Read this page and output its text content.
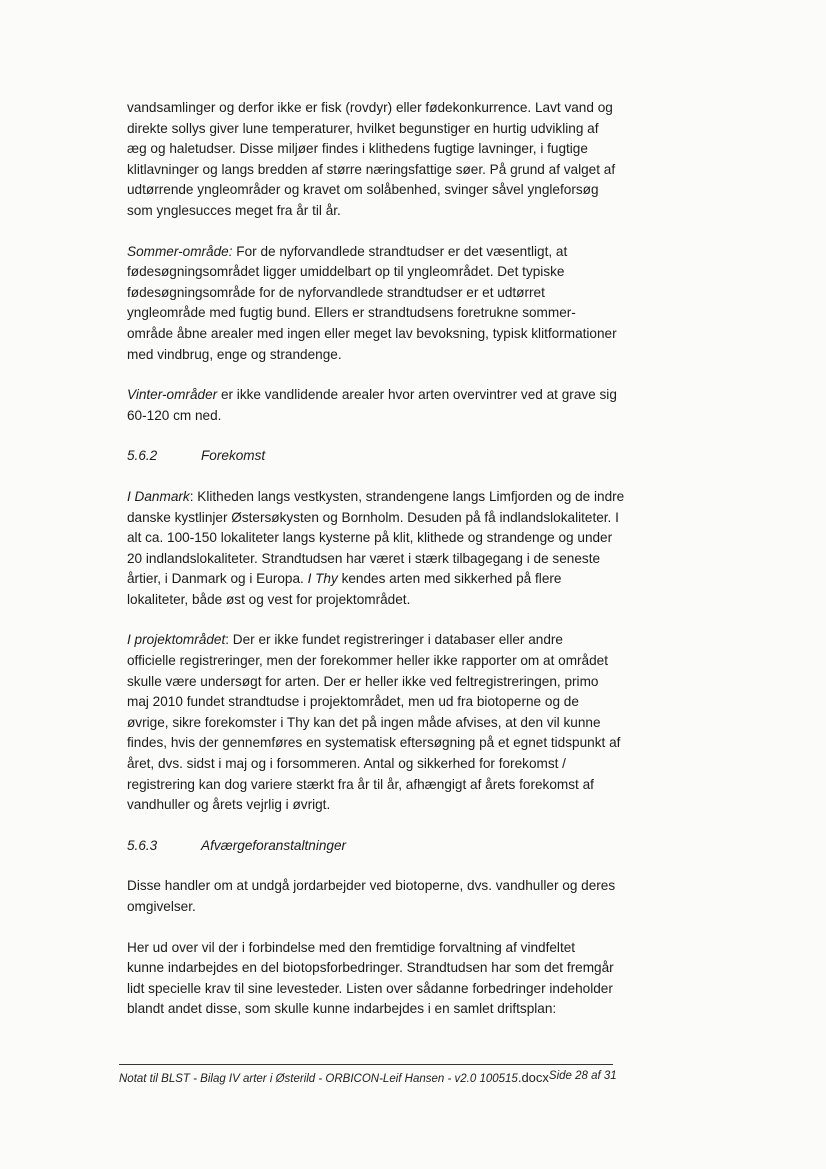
vandsamlinger og derfor ikke er fisk (rovdyr) eller fødekonkurrence. Lavt vand og
direkte sollys giver lune temperaturer, hvilket begunstiger en hurtig udvikling af
æg og haletudser. Disse miljøer findes i klithedens fugtige lavninger, i fugtige
klitlavninger og langs bredden af større næringsfattige søer. På grund af valget af
udtørrende yngleområder og kravet om solåbenhed, svinger såvel yngleforsøg
som ynglesucces meget fra år til år.

Sommer-område: For de nyforvandlede strandtudser er det væsentligt, at
fødesøgningsområdet ligger umiddelbart op til yngleområdet. Det typiske
fødesøgningsområde for de nyforvandlede strandtudser er et udtørret
yngleområde med fugtig bund. Ellers er strandtudsens foretrukne sommer-
område åbne arealer med ingen eller meget lav bevoksning, typisk klitformationer
med vindbrug, enge og strandenge.

Vinter-områder er ikke vandlidende arealer hvor arten overvintrer ved at grave sig
60-120 cm ned.

5.6.2	Forekomst

I Danmark: Klitheden langs vestkysten, strandengene langs Limfjorden og de indre
danske kystlinjer Østersøkysten og Bornholm. Desuden på få indlandslokaliteter. I
alt ca. 100-150 lokaliteter langs kysterne på klit, klithede og strandenge og under
20 indlandslokaliteter. Strandtudsen har været i stærk tilbagegang i de seneste
årtier, i Danmark og i Europa. I Thy kendes arten med sikkerhed på flere
lokaliteter, både øst og vest for projektområdet.

I projektområdet: Der er ikke fundet registreringer i databaser eller andre
officielle registreringer, men der forekommer heller ikke rapporter om at området
skulle være undersøgt for arten. Der er heller ikke ved feltregistreringen, primo
maj 2010 fundet strandtudse i projektområdet, men ud fra biotoperne og de
øvrige, sikre forekomster i Thy kan det på ingen måde afvises, at den vil kunne
findes, hvis der gennemføres en systematisk eftersøgning på et egnet tidspunkt af
året, dvs. sidst i maj og i forsommeren. Antal og sikkerhed for forekomst /
registrering kan dog variere stærkt fra år til år, afhængigt af årets forekomst af
vandhuller og årets vejrlig i øvrigt.

5.6.3	Afværgeforanstaltninger

Disse handler om at undgå jordarbejder ved biotoperne, dvs. vandhuller og deres
omgivelser.

Her ud over vil der i forbindelse med den fremtidige forvaltning af vindfeltet
kunne indarbejdes en del biotopsforbedringer. Strandtudsen har som det fremgår
lidt specielle krav til sine levesteder. Listen over sådanne forbedringer indeholder
blandt andet disse, som skulle kunne indarbejdes i en samlet driftsplan:

Notat til BLST - Bilag IV arter i Østerild - ORBICON-Leif Hansen - v2.0 100515 .docx Side 28 af 31
